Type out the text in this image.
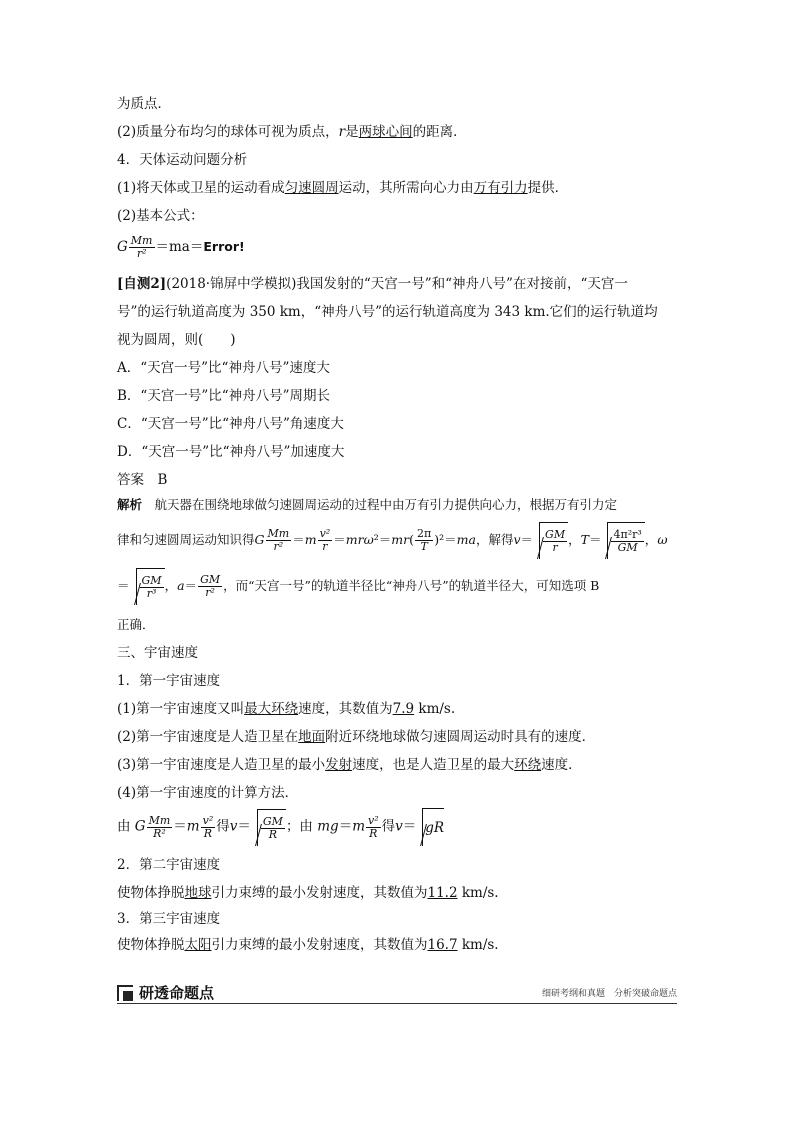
为质点．
(2)质量分布均匀的球体可视为质点，r是两球心间的距离．
4．天体运动问题分析
(1)将天体或卫星的运动看成匀速圆周运动，其所需向心力由万有引力提供．
(2)基本公式：
G $\frac{Mm}{\text{r²}}$ ＝ma＝Error!
[自测2](2018·锦屏中学模拟)我国发射的“天宫一号”和“神舟八号”在对接前，“天宫一
号”的运行轨道高度为 350 km，“神舟八号”的运行轨道高度为 343 km.它们的运行轨道均
视为圆周，则(　　)
A．“天宫一号”比“神舟八号”速度大
B．“天宫一号”比“神舟八号”周期长
C．“天宫一号”比“神舟八号”角速度大
D．“天宫一号”比“神舟八号”加速度大
答案　B
解析　 航天器在围绕地球做匀速圆周运动的过程中由万有引力提供向心力，根据万有引力定
律和匀速圆周运动知识得G $\frac{Mm}{\text{r²}} =m \frac{\text{v²}}{r} =mr\omega^2=mr( \frac{2\pi}{T} )^2=ma$，解得$v= \frac{GM}{r}$ ，$T= \frac{\text{4π²r³}}{GM}$ ，ω
＝ $\frac{GM}{\text{r³}}$ ，$a= \frac{GM}{\text{r²}}$ ，而“天宫一号”的轨道半径比“神舟八号”的轨道半径大，可知选项 B
正确．
三、宇宙速度
1．第一宇宙速度
(1)第一宇宙速度又叫最大环绕速度，其数值为7.9 km/s.
(2)第一宇宙速度是人造卫星在地面附近环绕地球做匀速圆周运动时具有的速度．
(3)第一宇宙速度是人造卫星的最小发射速度，也是人造卫星的最大环绕速度．
(4)第一宇宙速度的计算方法．
由 G $\frac{Mm}{\text{R²}} =m \frac{\text{v²}}{R}$ 得$v= \frac{GM}{R}$ ；由 $mg=m \frac{\text{v²}}{R}$ 得v＝ gR
2．第二宇宙速度
使物体挣脱地球引力束缚的最小发射速度，其数值为11.2 km/s.
3．第三宇宙速度
使物体挣脱太阳引力束缚的最小发射速度，其数值为16.7 km/s.
研透命题点	细研考纲和真题　分析突破命题点
